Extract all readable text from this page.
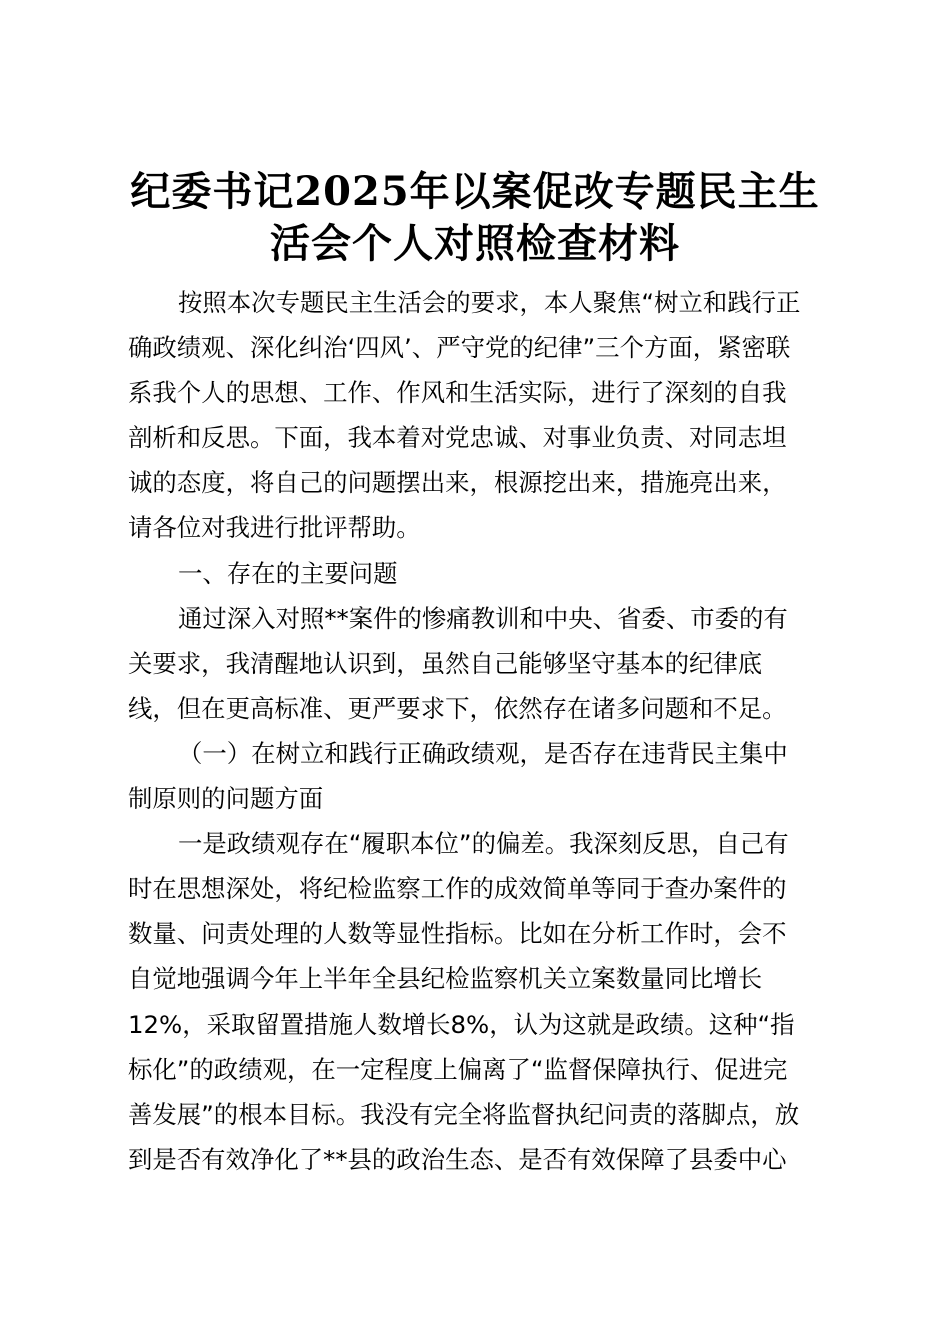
纪委书记2025年以案促改专题民主生
活会个人对照检查材料
按照本次专题民主生活会的要求，本人聚焦“树立和践行正
确政绩观、深化纠治‘四风’、严守党的纪律”三个方面，紧密联
系我个人的思想、工作、作风和生活实际，进行了深刻的自我
剖析和反思。下面，我本着对党忠诚、对事业负责、对同志坦
诚的态度，将自己的问题摆出来，根源挖出来，措施亮出来，
请各位对我进行批评帮助。
一、存在的主要问题
通过深入对照**案件的惨痛教训和中央、省委、市委的有
关要求，我清醒地认识到，虽然自己能够坚守基本的纪律底
线，但在更高标准、更严要求下，依然存在诸多问题和不足。
（一）在树立和践行正确政绩观，是否存在违背民主集中
制原则的问题方面
一是政绩观存在“履职本位”的偏差。我深刻反思，自己有
时在思想深处，将纪检监察工作的成效简单等同于查办案件的
数量、问责处理的人数等显性指标。比如在分析工作时，会不
自觉地强调今年上半年全县纪检监察机关立案数量同比增长
12%，采取留置措施人数增长8%，认为这就是政绩。这种“指
标化”的政绩观，在一定程度上偏离了“监督保障执行、促进完
善发展”的根本目标。我没有完全将监督执纪问责的落脚点，放
到是否有效净化了**县的政治生态、是否有效保障了县委中心
